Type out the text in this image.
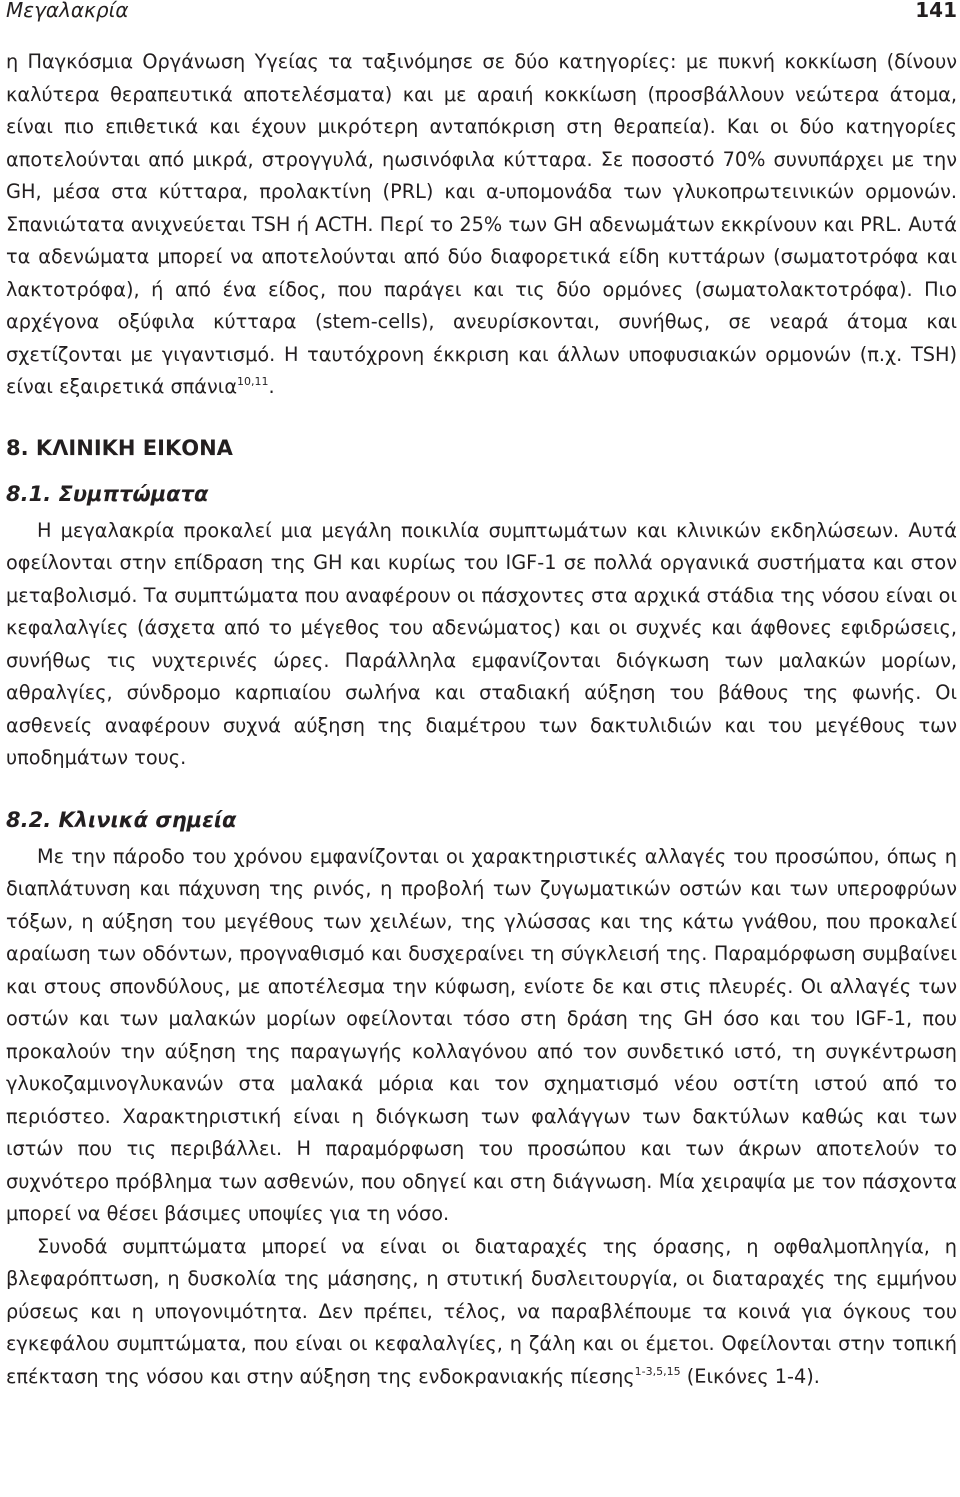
Μεγαλακρία	141

η Παγκόσμια Οργάνωση Υγείας τα ταξινόμησε σε δύο κατηγορίες: με πυκνή κοκκίωση (δίνουν καλύτερα θεραπευτικά αποτελέσματα) και με αραιή κοκκίωση (προσβάλλουν νεώτερα άτομα, είναι πιο επιθετικά και έχουν μικρότερη ανταπόκριση στη θεραπεία). Και οι δύο κατηγορίες αποτελούνται από μικρά, στρογγυλά, ηωσινόφιλα κύτταρα. Σε ποσοστό 70% συνυπάρχει με την GH, μέσα στα κύτταρα, προλακτίνη (PRL) και α-υπομονάδα των γλυκοπρωτεινικών ορμονών. Σπανιώτατα ανιχνεύεται TSH ή ACTH. Περί το 25% των GH αδενωμάτων εκκρίνουν και PRL. Αυτά τα αδενώματα μπορεί να αποτελούνται από δύο διαφορετικά είδη κυττάρων (σωματοτρόφα και λακτοτρόφα), ή από ένα είδος, που παράγει και τις δύο ορμόνες (σωματολακτοτρόφα). Πιο αρχέγονα οξύφιλα κύτταρα (stem-cells), ανευρίσκονται, συνήθως, σε νεαρά άτομα και σχετίζονται με γιγαντισμό. Η ταυτόχρονη έκκριση και άλλων υποφυσιακών ορμονών (π.χ. TSH) είναι εξαιρετικά σπάνια$^{10,11}$.

8. ΚΛΙΝΙΚΗ ΕΙΚΟΝΑ
8.1. Συμπτώματα

Η μεγαλακρία προκαλεί μια μεγάλη ποικιλία συμπτωμάτων και κλινικών εκδηλώσεων. Αυτά οφείλονται στην επίδραση της GH και κυρίως του IGF-1 σε πολλά οργανικά συστήματα και στον μεταβολισμό. Τα συμπτώματα που αναφέρουν οι πάσχοντες στα αρχικά στάδια της νόσου είναι οι κεφαλαλγίες (άσχετα από το μέγεθος του αδενώματος) και οι συχνές και άφθονες εφιδρώσεις, συνήθως τις νυχτερινές ώρες. Παράλληλα εμφανίζονται διόγκωση των μαλακών μορίων, αθραλγίες, σύνδρομο καρπιαίου σωλήνα και σταδιακή αύξηση του βάθους της φωνής. Οι ασθενείς αναφέρουν συχνά αύξηση της διαμέτρου των δακτυλιδιών και του μεγέθους των υποδημάτων τους.

8.2. Κλινικά σημεία

Με την πάροδο του χρόνου εμφανίζονται οι χαρακτηριστικές αλλαγές του προσώπου, όπως η διαπλάτυνση και πάχυνση της ρινός, η προβολή των ζυγωματικών οστών και των υπεροφρύων τόξων, η αύξηση του μεγέθους των χειλέων, της γλώσσας και της κάτω γνάθου, που προκαλεί αραίωση των οδόντων, προγναθισμό και δυσχεραίνει τη σύγκλεισή της. Παραμόρφωση συμβαίνει και στους σπονδύλους, με αποτέλεσμα την κύφωση, ενίοτε δε και στις πλευρές. Οι αλλαγές των οστών και των μαλακών μορίων οφείλονται τόσο στη δράση της GH όσο και του IGF-1, που προκαλούν την αύξηση της παραγωγής κολλαγόνου από τον συνδετικό ιστό, τη συγκέντρωση γλυκοζαμινογλυκανών στα μαλακά μόρια και τον σχηματισμό νέου οστίτη ιστού από το περιόστεο. Χαρακτηριστική είναι η διόγκωση των φαλάγγων των δακτύλων καθώς και των ιστών που τις περιβάλλει. Η παραμόρφωση του προσώπου και των άκρων αποτελούν το συχνότερο πρόβλημα των ασθενών, που οδηγεί και στη διάγνωση. Μία χειραψία με τον πάσχοντα μπορεί να θέσει βάσιμες υποψίες για τη νόσο.

Συνοδά συμπτώματα μπορεί να είναι οι διαταραχές της όρασης, η οφθαλμοπληγία, η βλεφαρόπτωση, η δυσκολία της μάσησης, η στυτική δυσλειτουργία, οι διαταραχές της εμμήνου ρύσεως και η υπογονιμότητα. Δεν πρέπει, τέλος, να παραβλέπουμε τα κοινά για όγκους του εγκεφάλου συμπτώματα, που είναι οι κεφαλαλγίες, η ζάλη και οι έμετοι. Οφείλονται στην τοπική επέκταση της νόσου και στην αύξηση της ενδοκρανιακής πίεσης$^{1-3,5,15}$ (Εικόνες 1-4).
